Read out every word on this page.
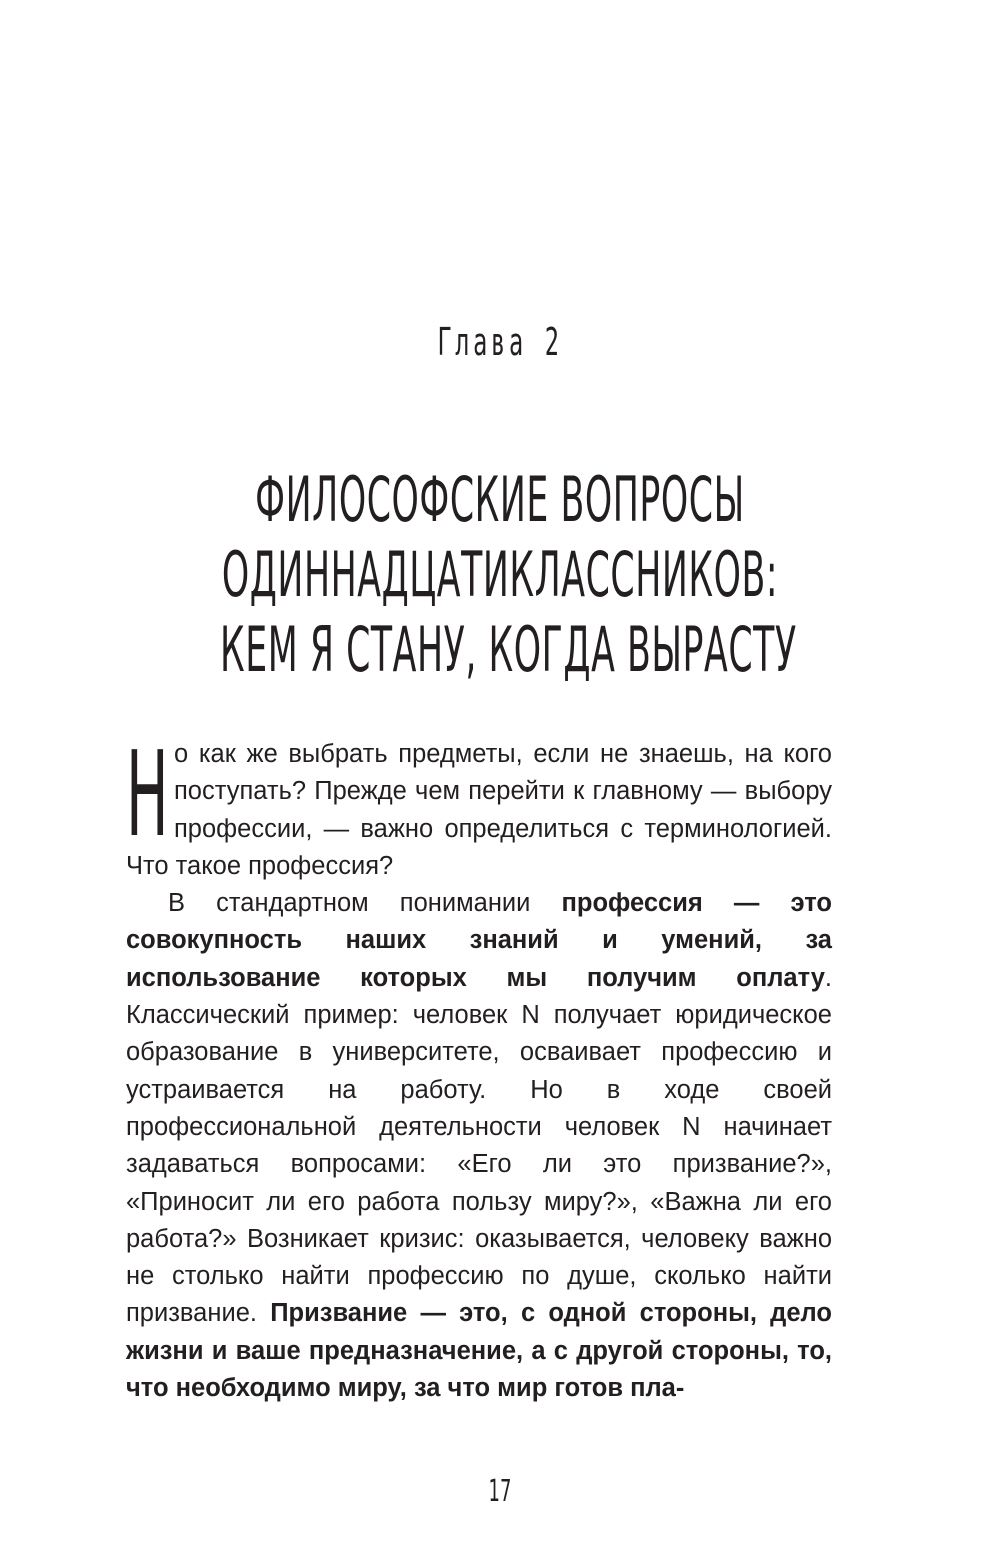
Глава 2
ФИЛОСОФСКИЕ ВОПРОСЫ
ОДИННАДЦАТИКЛАССНИКОВ:
КЕМ Я СТАНУ, КОГДА ВЫРАСТУ

Но как же выбрать предметы, если не знаешь, на кого поступать? Прежде чем перейти к главному — выбору профессии, — важно определиться с терминологией. Что такое профессия?

В стандартном понимании профессия — это совокупность наших знаний и умений, за использование которых мы получим оплату. Классический пример: человек N получает юридическое образование в университете, осваивает профессию и устраивается на работу. Но в ходе своей профессиональной деятельности человек N начинает задаваться вопросами: «Его ли это призвание?», «Приносит ли его работа пользу миру?», «Важна ли его работа?» Возникает кризис: оказывается, человеку важно не столько найти профессию по душе, сколько найти призвание. Призвание — это, с одной стороны, дело жизни и ваше предназначение, а с другой стороны, то, что необходимо миру, за что мир готов пла-

17
